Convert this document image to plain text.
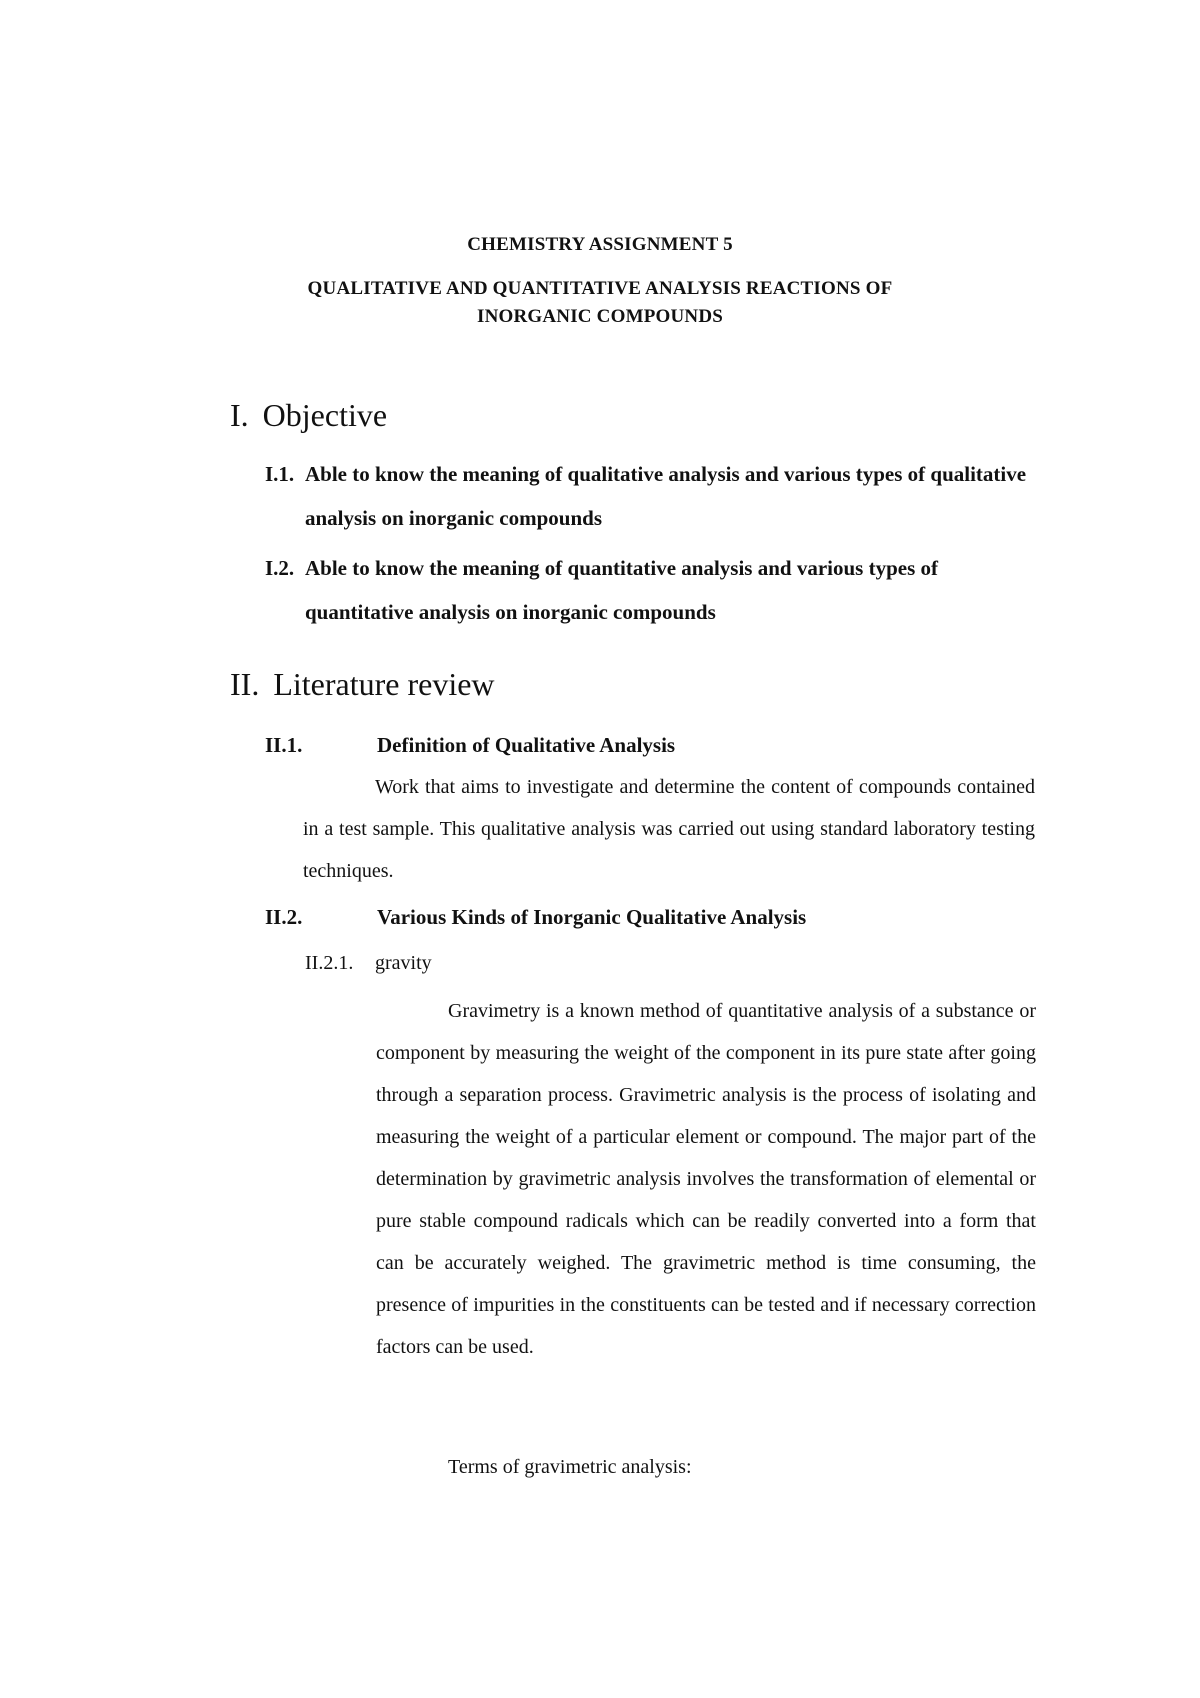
CHEMISTRY ASSIGNMENT 5
QUALITATIVE AND QUANTITATIVE ANALYSIS REACTIONS OF
INORGANIC COMPOUNDS
I. Objective
I.1. Able to know the meaning of qualitative analysis and various types of qualitative analysis on inorganic compounds
I.2. Able to know the meaning of quantitative analysis and various types of quantitative analysis on inorganic compounds
II. Literature review
II.1.	Definition of Qualitative Analysis
Work that aims to investigate and determine the content of compounds contained in a test sample. This qualitative analysis was carried out using standard laboratory testing techniques.
II.2.	Various Kinds of Inorganic Qualitative Analysis
II.2.1. gravity
Gravimetry is a known method of quantitative analysis of a substance or component by measuring the weight of the component in its pure state after going through a separation process. Gravimetric analysis is the process of isolating and measuring the weight of a particular element or compound. The major part of the determination by gravimetric analysis involves the transformation of elemental or pure stable compound radicals which can be readily converted into a form that can be accurately weighed. The gravimetric method is time consuming, the presence of impurities in the constituents can be tested and if necessary correction factors can be used.
Terms of gravimetric analysis:
